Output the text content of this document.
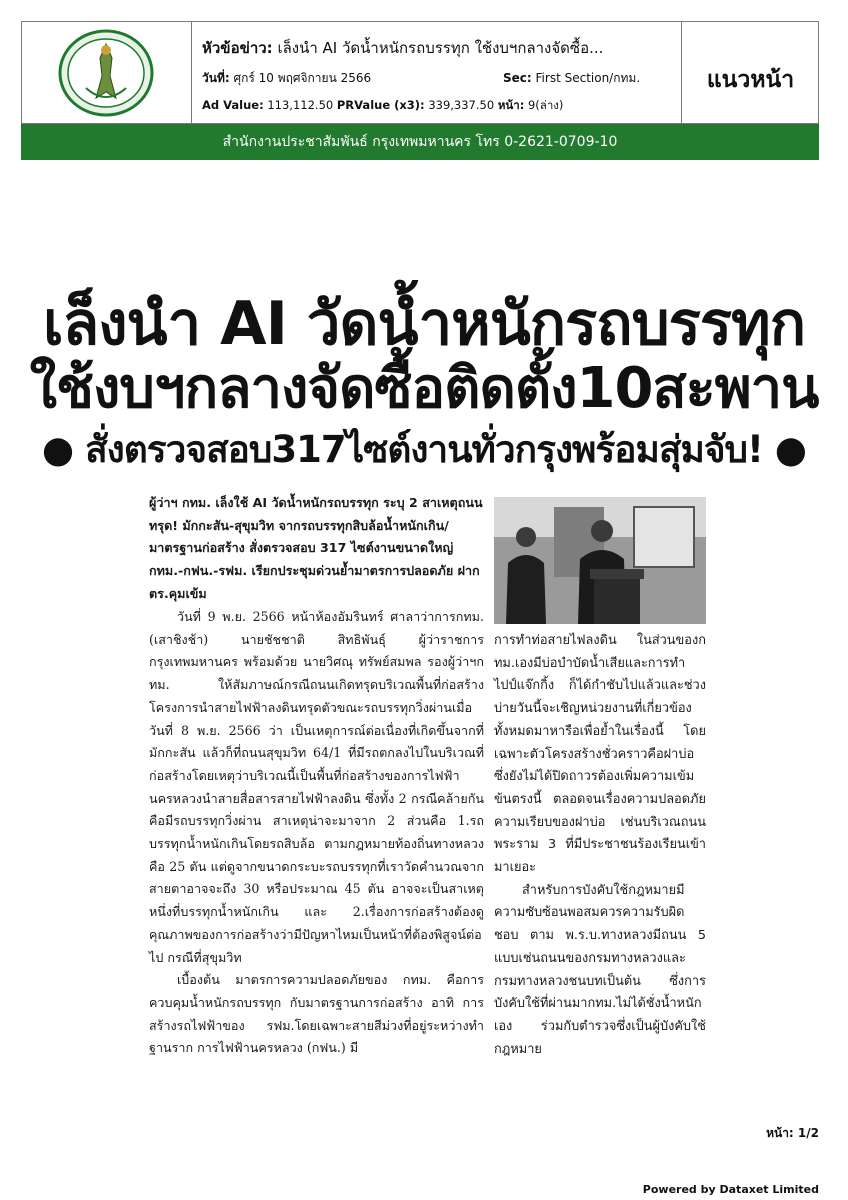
หัวข้อข่าว: เล็งนำ AI วัดน้ำหนักรถบรรทุก ใช้งบฯกลางจัดซื้อ...
วันที่: ศุกร์ 10 พฤศจิกายน 2566	Sec: First Section/กทม.
Ad Value: 113,112.50 PRValue (x3): 339,337.50 หน้า: 9(ล่าง)
แนวหน้า
สำนักงานประชาสัมพันธ์ กรุงเทพมหานคร โทร 0-2621-0709-10
เล็งนำ AI วัดน้ำหนักรถบรรทุก
ใช้งบฯกลางจัดซื้อติดตั้ง10สะพาน
● สั่งตรวจสอบ317ไซต์งานทั่วกรุงพร้อมสุ่มจับ! ●
ผู้ว่าฯ กทม. เล็งใช้ AI วัดน้ำหนักรถบรรทุก ระบุ 2 สาเหตุถนนทรุด! มักกะสัน-สุขุมวิท จากรถบรรทุกสิบล้อน้ำหนักเกิน/มาตรฐานก่อสร้าง สั่งตรวจสอบ 317 ไซต์งานขนาดใหญ่ กทม.-กฟน.-รฟม. เรียกประชุมด่วนย้ำมาตรการปลอดภัย ฝากตร.คุมเข้ม

วันที่ 9 พ.ย. 2566 หน้าห้องอัมรินทร์ ศาลาว่าการกทม. (เสาชิงช้า) นายชัชชาติ สิทธิพันธุ์ ผู้ว่าราชการกรุงเทพมหานคร พร้อมด้วย นายวิศณุ ทรัพย์สมพล รองผู้ว่าฯกทม. ให้สัมภาษณ์กรณีถนนเกิดทรุดบริเวณพื้นที่ก่อสร้างโครงการนำสายไฟฟ้าลงดินทรุดตัวขณะรถบรรทุกวิ่งผ่านเมื่อวันที่ 8 พ.ย. 2566 ว่า เป็นเหตุการณ์ต่อเนื่องที่เกิดขึ้นจากที่มักกะสัน แล้วก็ที่ถนนสุขุมวิท 64/1 ที่มีรถตกลงไปในบริเวณที่ก่อสร้างโดยเหตุว่าบริเวณนี้เป็นพื้นที่ก่อสร้างของการไฟฟ้านครหลวงนำสายสื่อสารสายไฟฟ้าลงดิน ซึ่งทั้ง 2 กรณีคล้ายกันคือมีรถบรรทุกวิ่งผ่าน สาเหตุน่าจะมาจาก 2 ส่วนคือ 1.รถบรรทุกน้ำหนักเกินโดยรถสิบล้อ ตามกฎหมายท้องถิ่นทางหลวง คือ 25 ตัน แต่ดูจากขนาดกระบะรถบรรทุกที่เราวัดคำนวณจากสายตาอาจจะถึง 30 หรือประมาณ 45 ตัน อาจจะเป็นสาเหตุหนึ่งที่บรรทุกน้ำหนักเกิน และ 2.เรื่องการก่อสร้างต้องดูคุณภาพของการก่อสร้างว่ามีปัญหาไหมเป็นหน้าที่ต้องพิสูจน์ต่อไป กรณีที่สุขุมวิท

เบื้องต้น มาตรการความปลอดภัยของ กทม. คือการควบคุมน้ำหนักรถบรรทุก กับมาตรฐานการก่อสร้าง อาทิ การสร้างรถไฟฟ้าของ รฟม.โดยเฉพาะสายสีม่วงที่อยู่ระหว่างทำฐานราก การไฟฟ้านครหลวง (กฟน.) มี

การทำท่อสายไฟลงดิน ในส่วนของกทม.เองมีบ่อบำบัดน้ำเสียและการทำไปป์แจ๊กกิ้ง ก็ได้กำชับไปแล้วและช่วงบ่ายวันนี้จะเชิญหน่วยงานที่เกี่ยวข้องทั้งหมดมาหารือเพื่อย้ำในเรื่องนี้ โดยเฉพาะตัวโครงสร้างชั่วคราวคือฝาบ่อซึ่งยังไม่ได้ปิดถาวรต้องเพิ่มความเข้มข้นตรงนี้ ตลอดจนเรื่องความปลอดภัย ความเรียบของฝาบ่อ เช่นบริเวณถนนพระราม 3 ที่มีประชาชนร้องเรียนเข้ามาเยอะ

สำหรับการบังคับใช้กฎหมายมีความซับซ้อนพอสมควรความรับผิดชอบ ตาม พ.ร.บ.ทางหลวงมีถนน 5 แบบเช่นถนนของกรมทางหลวงและกรมทางหลวงชนบทเป็นต้น ซึ่งการบังคับใช้ที่ผ่านมากทม.ไม่ได้ชั่งน้ำหนักเอง ร่วมกับตำรวจซึ่งเป็นผู้บังคับใช้กฎหมาย

หน้า: 1/2
Powered by Dataxet Limited
